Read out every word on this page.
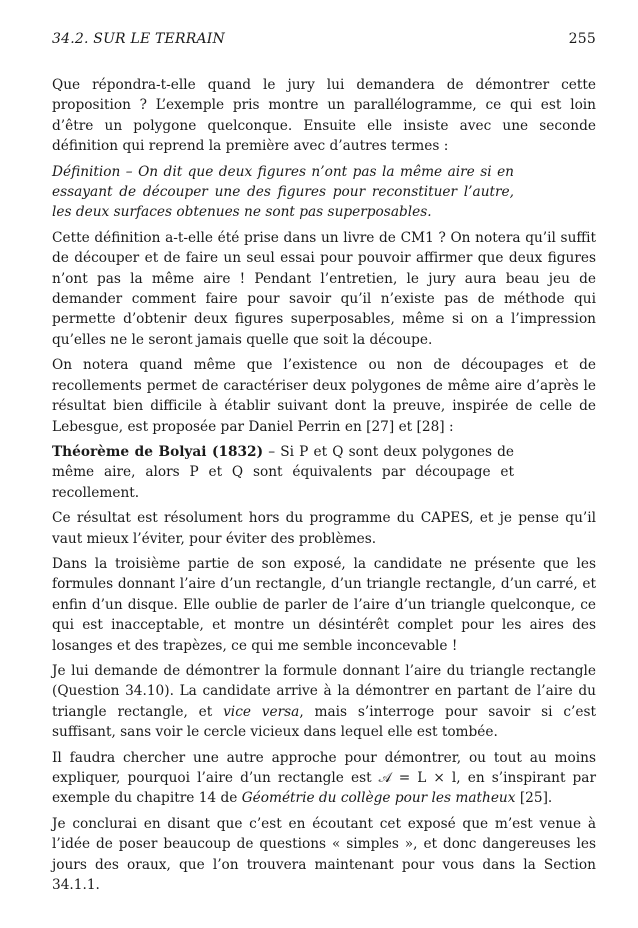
34.2. SUR LE TERRAIN	255

Que répondra-t-elle quand le jury lui demandera de démontrer cette proposition ? L’exemple pris montre un parallélogramme, ce qui est loin d’être un polygone quelconque. Ensuite elle insiste avec une seconde définition qui reprend la première avec d’autres termes :

Définition – On dit que deux figures n’ont pas la même aire si en essayant de découper une des figures pour reconstituer l’autre, les deux surfaces obtenues ne sont pas superposables.

Cette définition a-t-elle été prise dans un livre de CM1 ? On notera qu’il suffit de découper et de faire un seul essai pour pouvoir affirmer que deux figures n’ont pas la même aire ! Pendant l’entretien, le jury aura beau jeu de demander comment faire pour savoir qu’il n’existe pas de méthode qui permette d’obtenir deux figures superposables, même si on a l’impression qu’elles ne le seront jamais quelle que soit la découpe.

On notera quand même que l’existence ou non de découpages et de recollements permet de caractériser deux polygones de même aire d’après le résultat bien difficile à établir suivant dont la preuve, inspirée de celle de Lebesgue, est proposée par Daniel Perrin en [27] et [28] :

Théorème de Bolyai (1832) – Si P et Q sont deux polygones de même aire, alors P et Q sont équivalents par découpage et recollement.

Ce résultat est résolument hors du programme du CAPES, et je pense qu’il vaut mieux l’éviter, pour éviter des problèmes.

Dans la troisième partie de son exposé, la candidate ne présente que les formules donnant l’aire d’un rectangle, d’un triangle rectangle, d’un carré, et enfin d’un disque. Elle oublie de parler de l’aire d’un triangle quelconque, ce qui est inacceptable, et montre un désintérêt complet pour les aires des losanges et des trapèzes, ce qui me semble inconcevable !

Je lui demande de démontrer la formule donnant l’aire du triangle rectangle (Question 34.10). La candidate arrive à la démontrer en partant de l’aire du triangle rectangle, et vice versa, mais s’interroge pour savoir si c’est suffisant, sans voir le cercle vicieux dans lequel elle est tombée.

Il faudra chercher une autre approche pour démontrer, ou tout au moins expliquer, pourquoi l’aire d’un rectangle est 𝒜 = L × l, en s’inspirant par exemple du chapitre 14 de Géométrie du collège pour les matheux [25].

Je conclurai en disant que c’est en écoutant cet exposé que m’est venue à l’idée de poser beaucoup de questions « simples », et donc dangereuses les jours des oraux, que l’on trouvera maintenant pour vous dans la Section 34.1.1.
